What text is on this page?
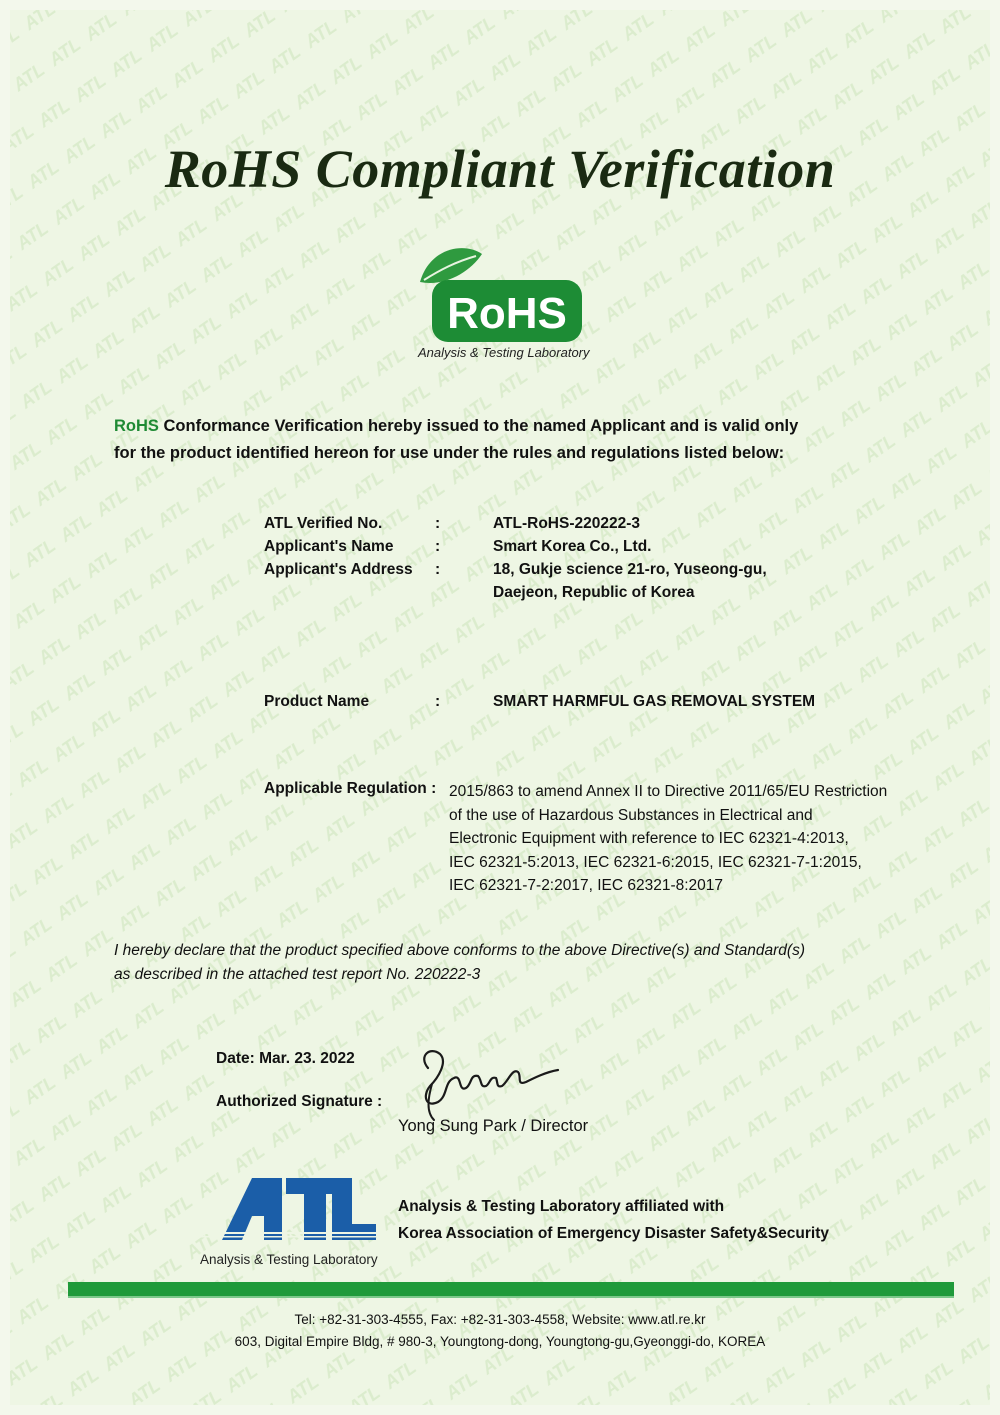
RoHS Compliant Verification
RoHS
Analysis & Testing Laboratory
RoHS Conformance Verification hereby issued to the named Applicant and is valid only
for the product identified hereon for use under the rules and regulations listed below:
ATL Verified No.	:	ATL-RoHS-220222-3
Applicant's Name	:	Smart Korea Co., Ltd.
Applicant's Address :	18, Gukje science 21-ro, Yuseong-gu,
Daejeon, Republic of Korea
Product Name	:	SMART HARMFUL GAS REMOVAL SYSTEM
Applicable Regulation : 2015/863 to amend Annex II to Directive 2011/65/EU Restriction
of the use of Hazardous Substances in Electrical and
Electronic Equipment with reference to IEC 62321-4:2013,
IEC 62321-5:2013, IEC 62321-6:2015, IEC 62321-7-1:2015,
IEC 62321-7-2:2017, IEC 62321-8:2017
I hereby declare that the product specified above conforms to the above Directive(s) and Standard(s)
as described in the attached test report No. 220222-3
Date: Mar. 23. 2022
Authorized Signature :
Yong Sung Park / Director
Analysis & Testing Laboratory
Analysis & Testing Laboratory affiliated with
Korea Association of Emergency Disaster Safety&Security
Tel: +82-31-303-4555, Fax: +82-31-303-4558, Website: www.atl.re.kr
603, Digital Empire Bldg, # 980-3, Youngtong-dong, Youngtong-gu,Gyeonggi-do, KOREA
